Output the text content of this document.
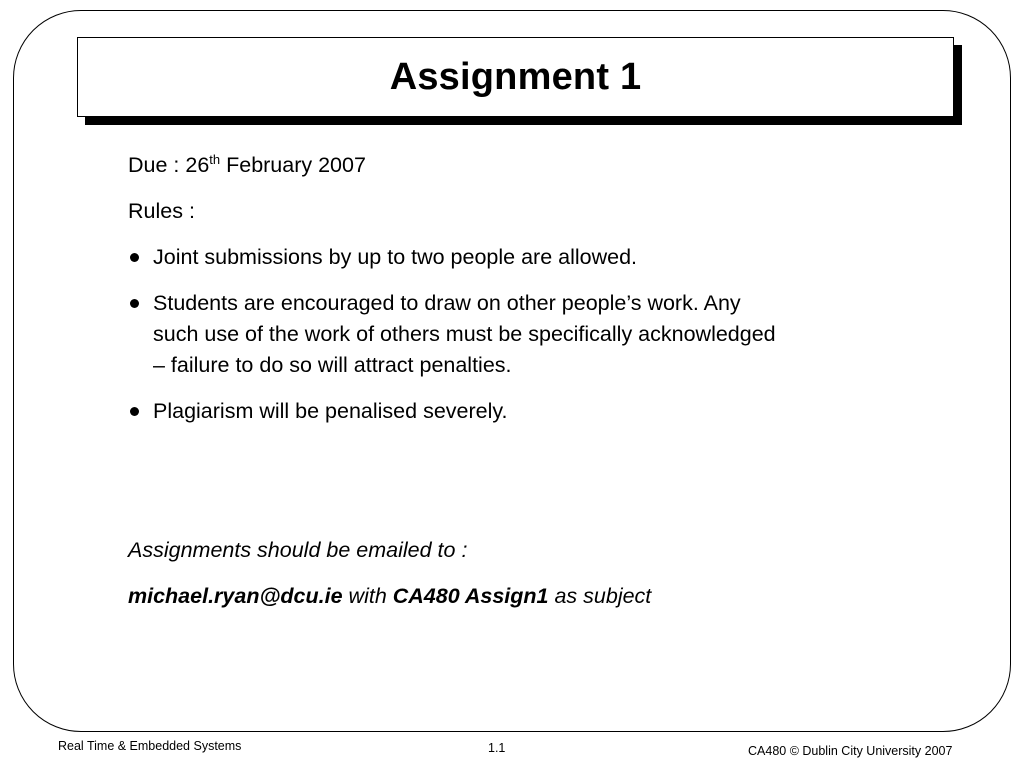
Assignment 1

Due : 26th February 2007

Rules :

Joint submissions by up to two people are allowed.
Students are encouraged to draw on other people’s work. Any
such use of the work of others must be specifically acknowledged
– failure to do so will attract penalties.
Plagiarism will be penalised severely.

Assignments should be emailed to :

michael.ryan@dcu.ie with CA480 Assign1 as subject

Real Time & Embedded Systems	1.1	CA480 © Dublin City University 2007
